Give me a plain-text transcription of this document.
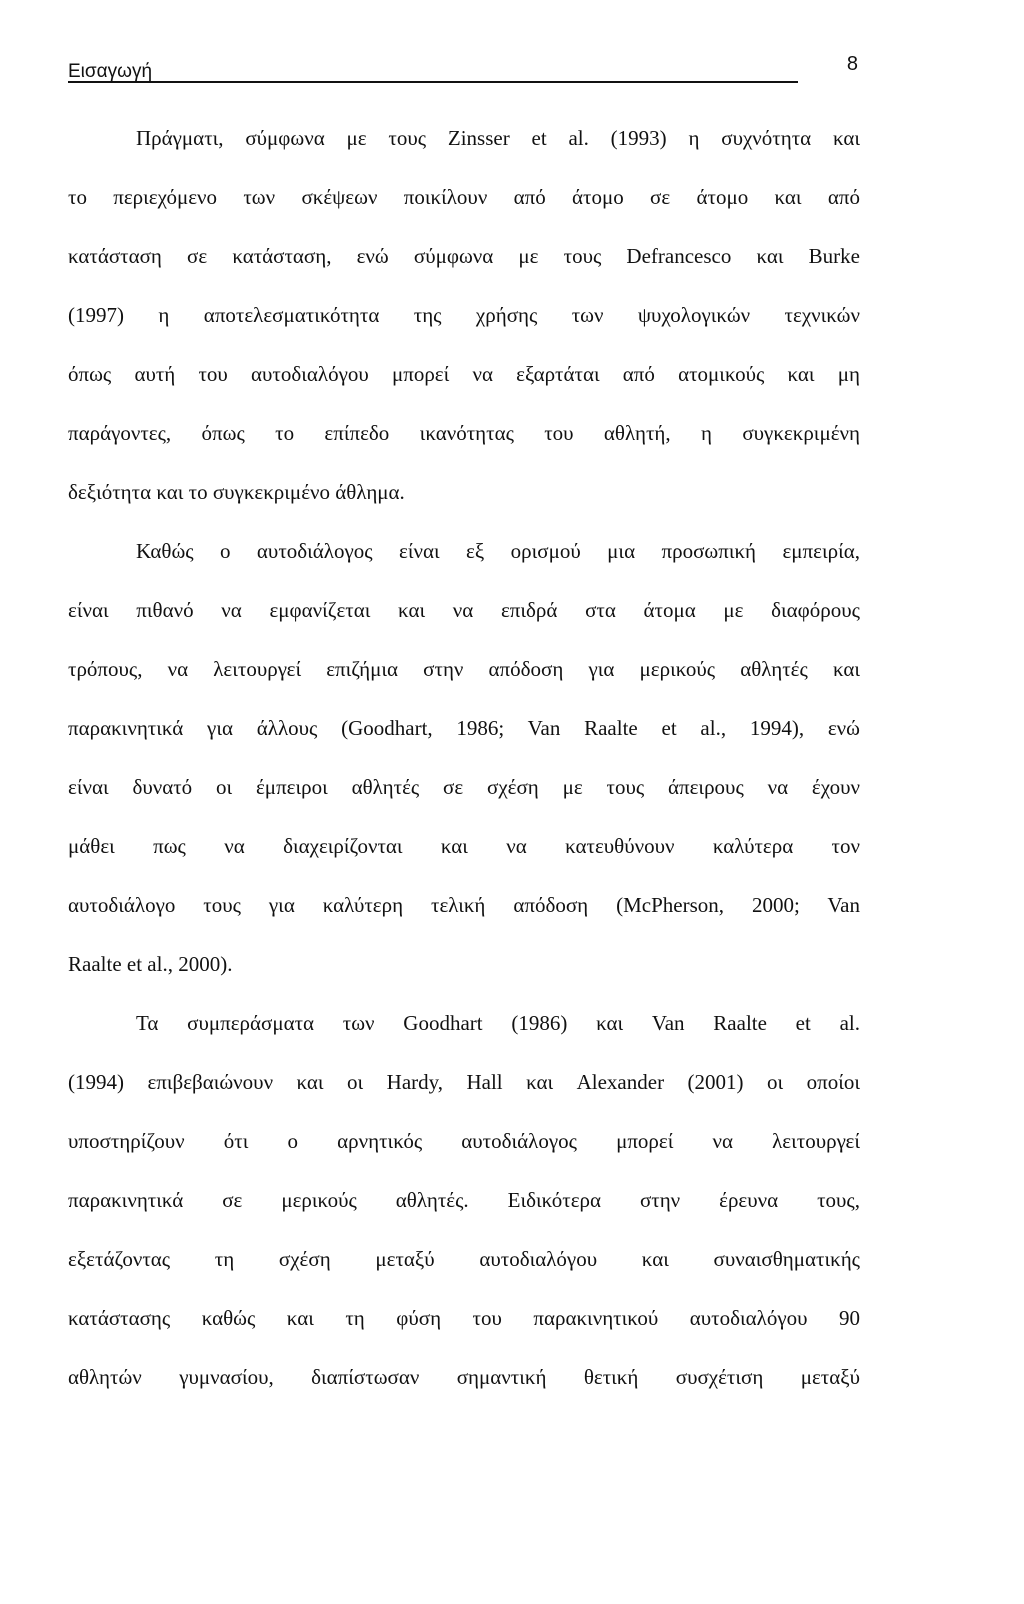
Εισαγωγή	8
Πράγματι, σύμφωνα με τους Zinsser et al. (1993) η συχνότητα και
το περιεχόμενο των σκέψεων ποικίλουν από άτομο σε άτομο και από
κατάσταση σε κατάσταση, ενώ σύμφωνα με τους Defrancesco και Burke
(1997) η αποτελεσματικότητα της χρήσης των ψυχολογικών τεχνικών
όπως αυτή του αυτοδιαλόγου μπορεί να εξαρτάται από ατομικούς και μη
παράγοντες, όπως το επίπεδο ικανότητας του αθλητή, η συγκεκριμένη
δεξιότητα και το συγκεκριμένο άθλημα.
Καθώς ο αυτοδιάλογος είναι εξ ορισμού μια προσωπική εμπειρία,
είναι πιθανό να εμφανίζεται και να επιδρά στα άτομα με διαφόρους
τρόπους, να λειτουργεί επιζήμια στην απόδοση για μερικούς αθλητές και
παρακινητικά για άλλους (Goodhart, 1986; Van Raalte et al., 1994), ενώ
είναι δυνατό οι έμπειροι αθλητές σε σχέση με τους άπειρους να έχουν
μάθει πως να διαχειρίζονται και να κατευθύνουν καλύτερα τον
αυτοδιάλογο τους για καλύτερη τελική απόδοση (McPherson, 2000; Van
Raalte et al., 2000).
Τα συμπεράσματα των Goodhart (1986) και Van Raalte et al.
(1994) επιβεβαιώνουν και οι Hardy, Hall και Alexander (2001) οι οποίοι
υποστηρίζουν ότι ο αρνητικός αυτοδιάλογος μπορεί να λειτουργεί
παρακινητικά σε μερικούς αθλητές. Ειδικότερα στην έρευνα τους,
εξετάζοντας τη σχέση μεταξύ αυτοδιαλόγου και συναισθηματικής
κατάστασης καθώς και τη φύση του παρακινητικού αυτοδιαλόγου 90
αθλητών γυμνασίου, διαπίστωσαν σημαντική θετική συσχέτιση μεταξύ
